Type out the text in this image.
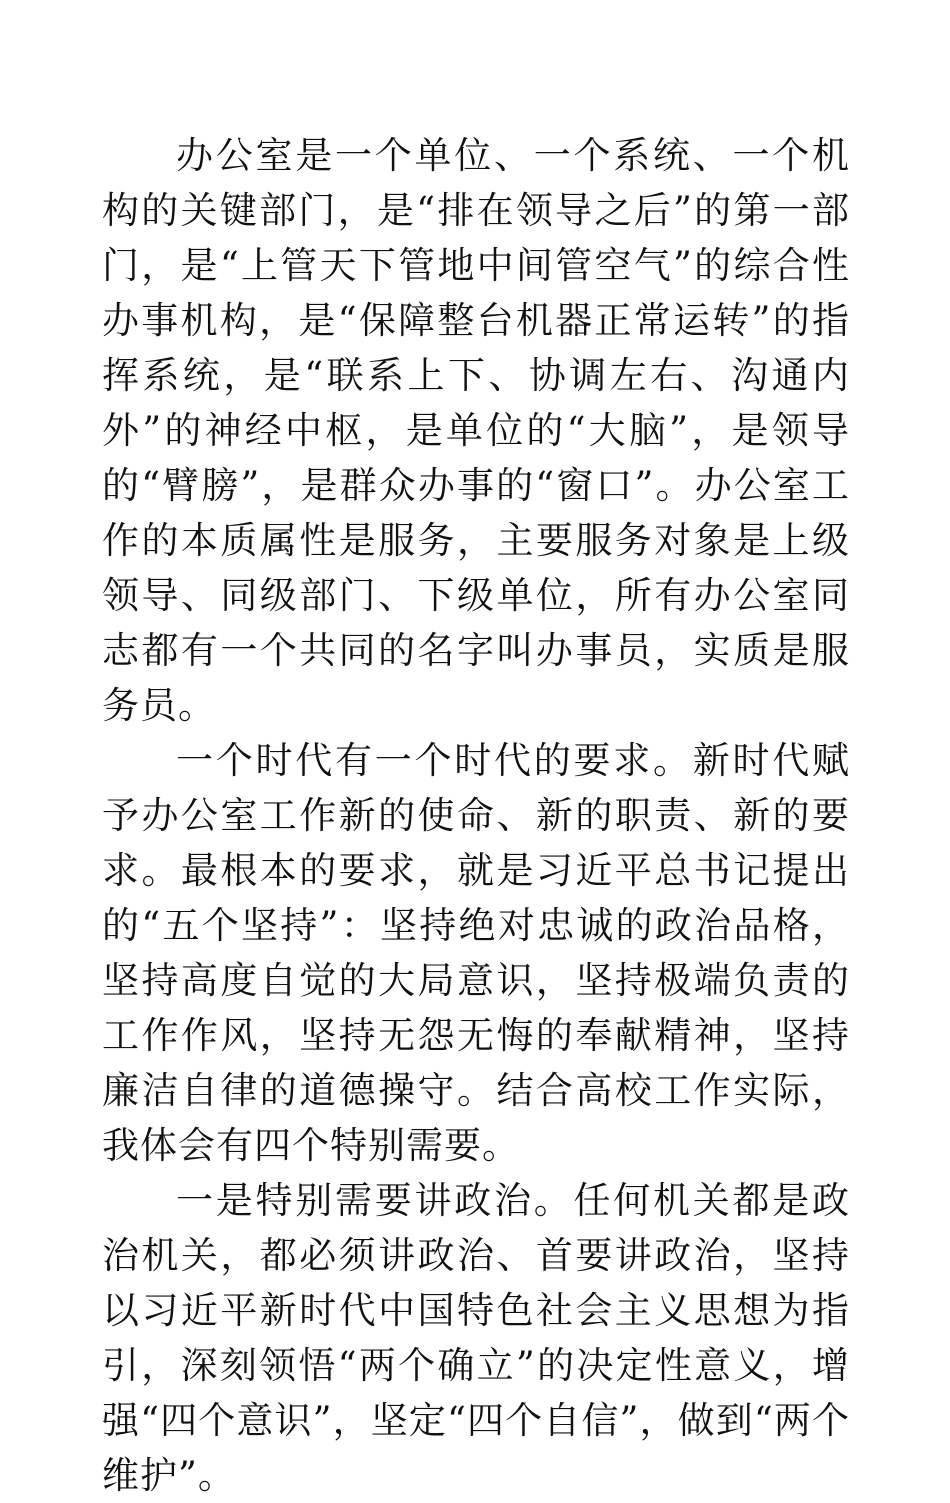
办公室是一个单位、一个系统、一个机构的关键部门，是“排在领导之后”的第一部门，是“上管天下管地中间管空气”的综合性办事机构，是“保障整台机器正常运转”的指挥系统，是“联系上下、协调左右、沟通内外”的神经中枢，是单位的“大脑”，是领导的“臂膀”，是群众办事的“窗口”。办公室工作的本质属性是服务，主要服务对象是上级领导、同级部门、下级单位，所有办公室同志都有一个共同的名字叫办事员，实质是服务员。

一个时代有一个时代的要求。新时代赋予办公室工作新的使命、新的职责、新的要求。最根本的要求，就是习近平总书记提出的“五个坚持”：坚持绝对忠诚的政治品格，坚持高度自觉的大局意识，坚持极端负责的工作作风，坚持无怨无悔的奉献精神，坚持廉洁自律的道德操守。结合高校工作实际，我体会有四个特别需要。

一是特别需要讲政治。任何机关都是政治机关，都必须讲政治、首要讲政治，坚持以习近平新时代中国特色社会主义思想为指引，深刻领悟“两个确立”的决定性意义，增强“四个意识”，坚定“四个自信”，做到“两个维护”。
